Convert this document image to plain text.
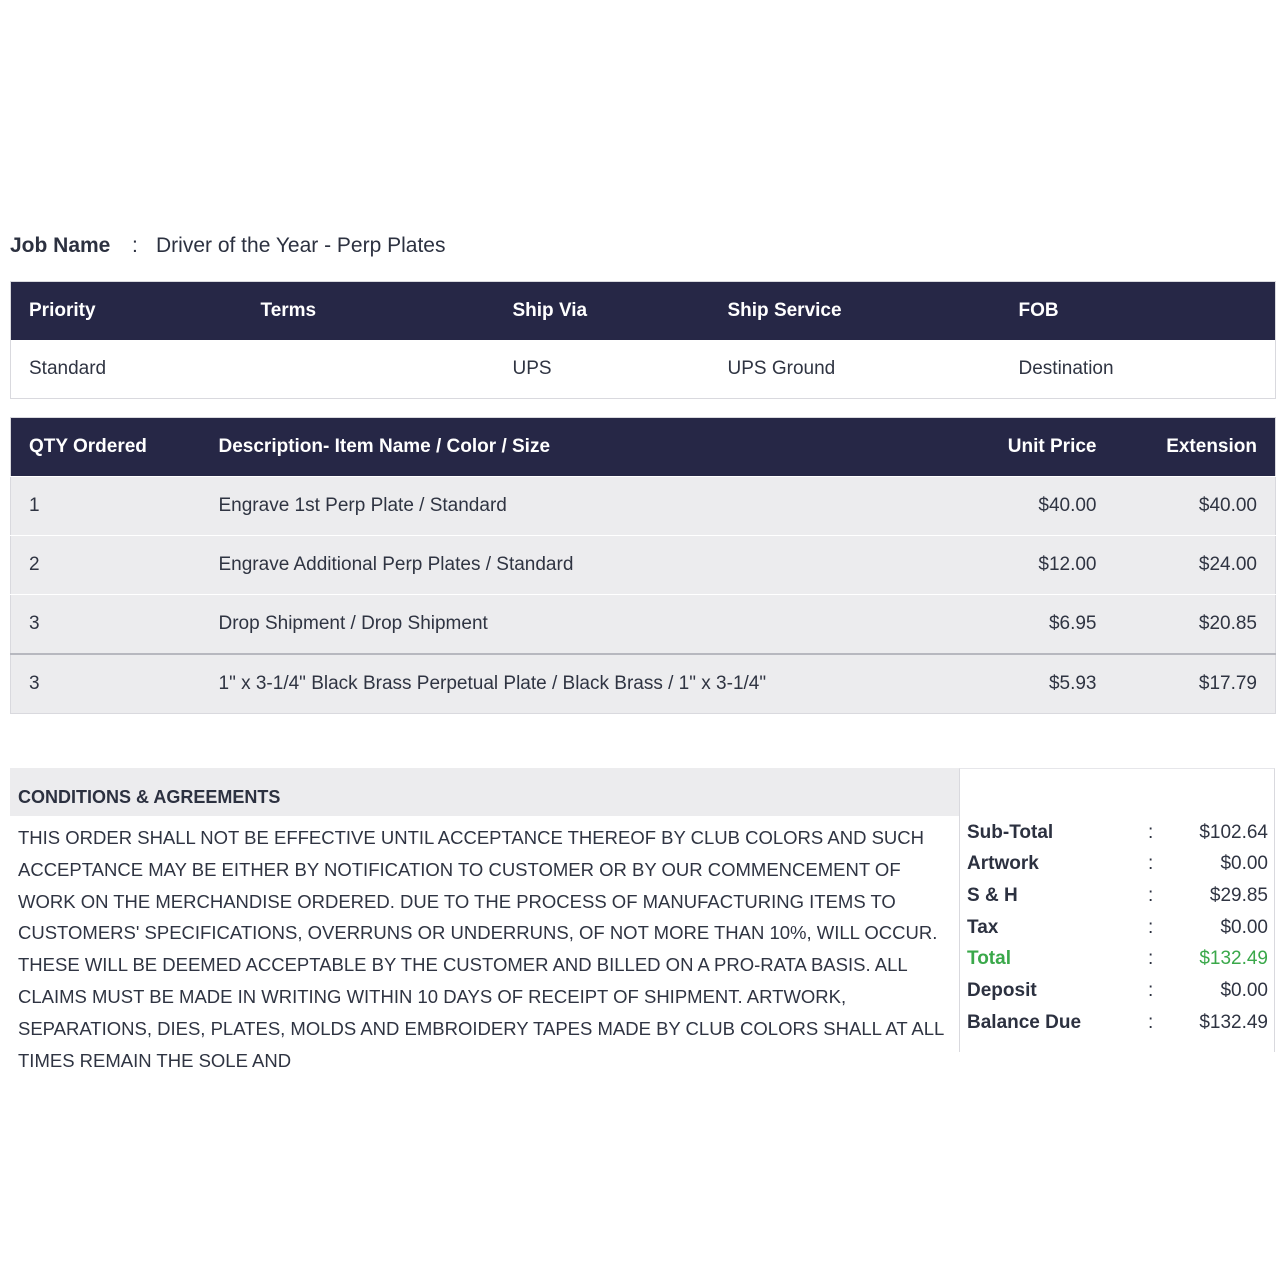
Job Name : Driver of the Year - Perp Plates
Priority	Terms	Ship Via	Ship Service	FOB
Standard		UPS	UPS Ground	Destination
QTY Ordered	Description- Item Name / Color / Size	Unit Price	Extension
1	Engrave 1st Perp Plate / Standard	$40.00	$40.00
2	Engrave Additional Perp Plates / Standard	$12.00	$24.00
3	Drop Shipment / Drop Shipment	$6.95	$20.85
3	1" x 3-1/4" Black Brass Perpetual Plate / Black Brass / 1" x 3-1/4"	$5.93	$17.79
CONDITIONS & AGREEMENTS
THIS ORDER SHALL NOT BE EFFECTIVE UNTIL ACCEPTANCE THEREOF BY CLUB COLORS AND SUCH ACCEPTANCE MAY BE EITHER BY NOTIFICATION TO CUSTOMER OR BY OUR COMMENCEMENT OF WORK ON THE MERCHANDISE ORDERED. DUE TO THE PROCESS OF MANUFACTURING ITEMS TO CUSTOMERS' SPECIFICATIONS, OVERRUNS OR UNDERRUNS, OF NOT MORE THAN 10%, WILL OCCUR. THESE WILL BE DEEMED ACCEPTABLE BY THE CUSTOMER AND BILLED ON A PRO-RATA BASIS. ALL CLAIMS MUST BE MADE IN WRITING WITHIN 10 DAYS OF RECEIPT OF SHIPMENT. ARTWORK, SEPARATIONS, DIES, PLATES, MOLDS AND EMBROIDERY TAPES MADE BY CLUB COLORS SHALL AT ALL TIMES REMAIN THE SOLE AND
Sub-Total	: $102.64
Artwork	:	$0.00
S & H	:	$29.85
Tax	:	$0.00
Total	: $132.49
Deposit	:	$0.00
Balance Due	: $132.49
